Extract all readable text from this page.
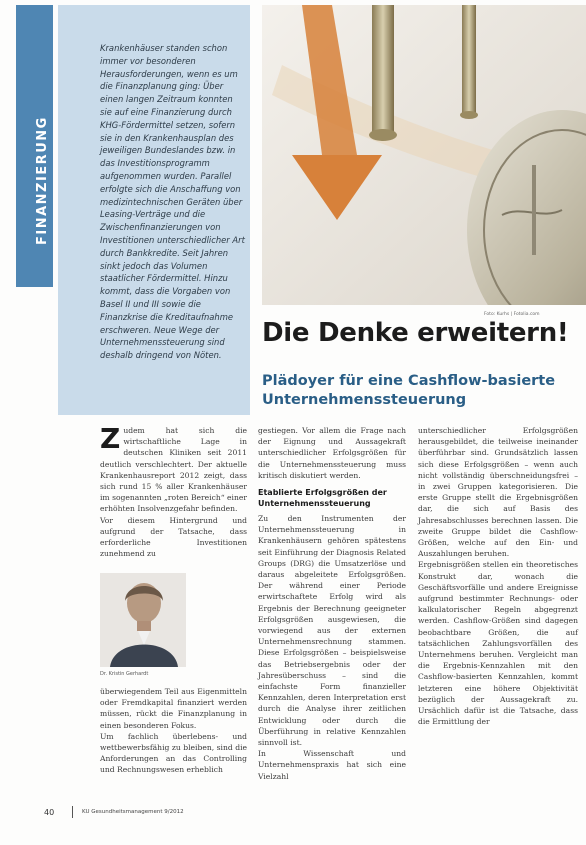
FINANZIERUNG
Krankenhäuser standen schon immer vor besonderen Herausforderungen, wenn es um die Finanzplanung ging: Über einen langen Zeitraum konnten sie auf eine Finanzierung durch KHG-Fördermittel setzen, sofern sie in den Krankenhausplan des jeweiligen Bundeslandes bzw. in das Investitionsprogramm aufgenommen wurden. Parallel erfolgte sich die Anschaffung von medizintechnischen Geräten über Leasing-Verträge und die Zwischenfinanzierungen von Investitionen unterschiedlicher Art durch Bankkredite. Seit Jahren sinkt jedoch das Volumen staatlicher Fördermittel. Hinzu kommt, dass die Vorgaben von Basel II und III sowie die Finanzkrise die Kreditaufnahme erschweren. Neue Wege der Unternehmenssteuerung sind deshalb dringend von Nöten.
Foto: Kurhs | Fotolia.com
Die Denke erweitern!
Plädoyer für eine Cashflow-basierte Unternehmenssteuerung
Z udem hat sich die wirtschaftliche Lage in deutschen Kliniken seit 2011 deutlich verschlechtert. Der aktuelle Krankenhausreport 2012 zeigt, dass sich rund 15 % aller Krankenhäuser im sogenannten „roten Bereich“ einer erhöhten Insolvenzgefahr befinden.

Vor diesem Hintergrund und aufgrund der Tatsache, dass erforderliche Investitionen zunehmend zu

Dr. Kristin Gerhardt

überwiegendem Teil aus Eigenmitteln oder Fremdkapital finanziert werden müssen, rückt die Finanzplanung in einen besonderen Fokus.

Um fachlich überlebens- und wettbewerbsfähig zu bleiben, sind die Anforderungen an das Controlling und Rechnungswesen erheblich

gestiegen. Vor allem die Frage nach der Eignung und Aussagekraft unterschiedlicher Erfolgsgrößen für die Unternehmenssteuerung muss kritisch diskutiert werden.

Etablierte Erfolgsgrößen der Unternehmenssteuerung

Zu den Instrumenten der Unternehmenssteuerung in Krankenhäusern gehören spätestens seit Einführung der Diagnosis Related Groups (DRG) die Umsatzerlöse und daraus abgeleitete Erfolgsgrößen. Der während einer Periode erwirtschaftete Erfolg wird als Ergebnis der Berechnung geeigneter Erfolgsgrößen ausgewiesen, die vorwiegend aus der externen Unternehmensrechnung stammen. Diese Erfolgsgrößen – beispielsweise das Betriebsergebnis oder der Jahresüberschuss – sind die einfachste Form finanzieller Kennzahlen, deren Interpretation erst durch die Analyse ihrer zeitlichen Entwicklung oder durch die Überführung in relative Kennzahlen sinnvoll ist.

In Wissenschaft und Unternehmenspraxis hat sich eine Vielzahl

unterschiedlicher Erfolgsgrößen herausgebildet, die teilweise ineinander überführbar sind. Grundsätzlich lassen sich diese Erfolgsgrößen – wenn auch nicht vollständig überschneidungsfrei – in zwei Gruppen kategorisieren. Die erste Gruppe stellt die Ergebnisgrößen dar, die sich auf Basis des Jahresabschlusses berechnen lassen. Die zweite Gruppe bildet die Cashflow-Größen, welche auf den Ein- und Auszahlungen beruhen.

Ergebnisgrößen stellen ein theoretisches Konstrukt dar, wonach die Geschäftsvorfälle und andere Ereignisse aufgrund bestimmter Rechnungs- oder kalkulatorischer Regeln abgegrenzt werden. Cashflow-Größen sind dagegen beobachtbare Größen, die auf tatsächlichen Zahlungsvorfällen des Unternehmens beruhen. Vergleicht man die Ergebnis-Kennzahlen mit den Cashflow-basierten Kennzahlen, kommt letzteren eine höhere Objektivität bezüglich der Aussagekraft zu. Ursächlich dafür ist die Tatsache, dass die Ermittlung der

40	KU Gesundheitsmanagement 9/2012
